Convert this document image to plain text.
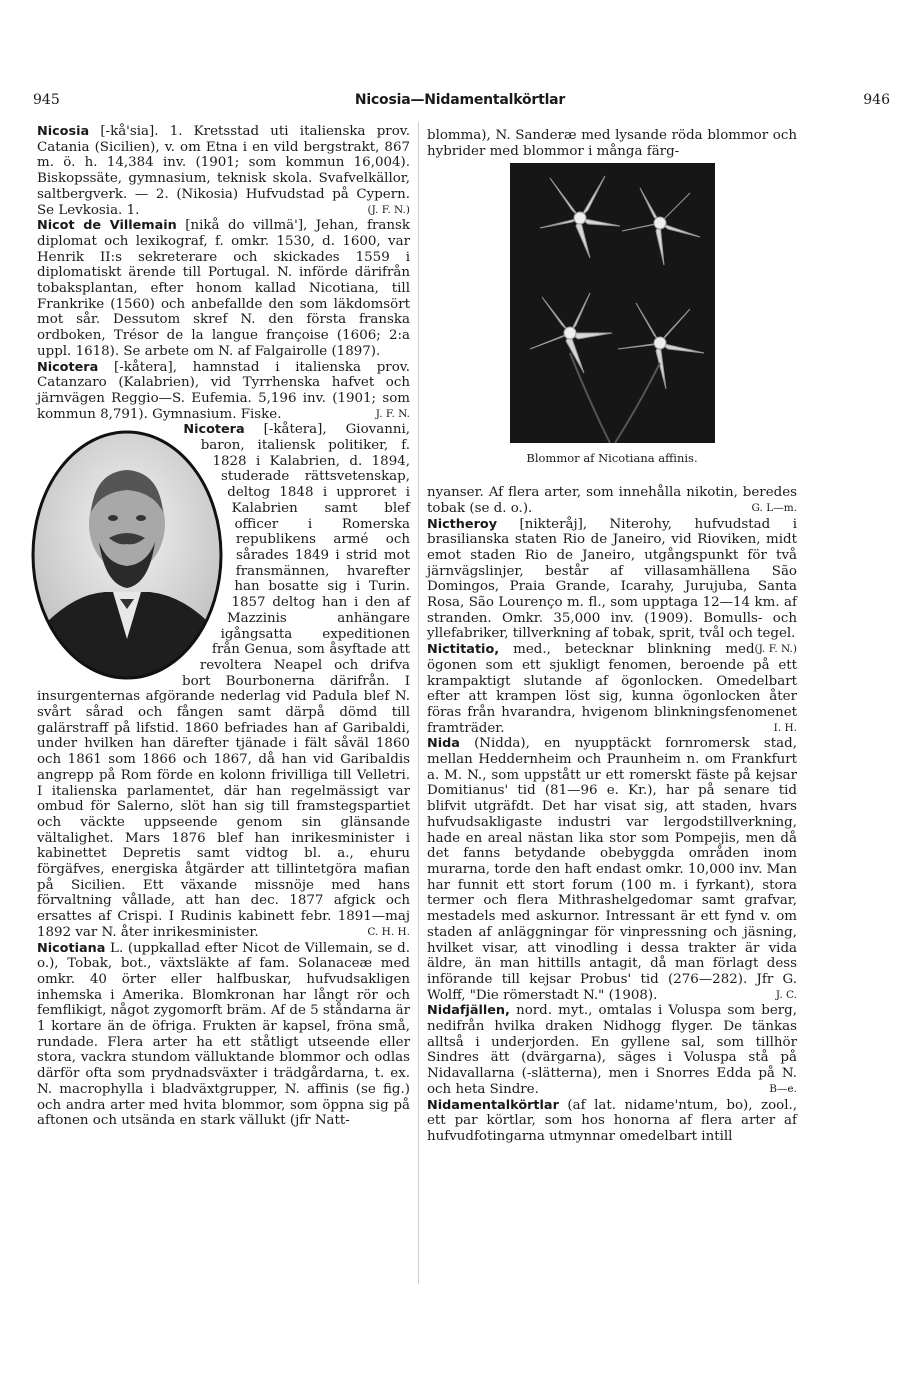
945	Nicosia—Nidamentalkörtlar	946

Nicosia [-kå'sia]. 1. Kretsstad uti italienska prov. Catania (Sicilien), v. om Etna i en vild bergstrakt, 867 m. ö. h. 14,384 inv. (1901; som kommun 16,004). Biskopssäte, gymnasium, teknisk skola. Svafvelkällor, saltbergverk. — 2. (Nikosia) Hufvudstad på Cypern. Se Levkosia. 1.	(J. F. N.)

Nicot de Villemain [nikå do villmä'], Jehan, fransk diplomat och lexikograf, f. omkr. 1530, d. 1600, var Henrik II:s sekreterare och skickades 1559 i diplomatiskt ärende till Portugal. N. införde därifrån tobaksplantan, efter honom kallad Nicotiana, till Frankrike (1560) och anbefallde den som läkdomsört mot sår. Dessutom skref N. den första franska ordboken, Trésor de la langue françoise (1606; 2:a uppl. 1618). Se arbete om N. af Falgairolle (1897).

Nicotera [-kåtera], hamnstad i italienska prov. Catanzaro (Kalabrien), vid Tyrrhenska hafvet och järnvägen Reggio—S. Eufemia. 5,196 inv. (1901; som kommun 8,791). Gymnasium. Fiske.	J. F. N.

Nicotera [-kåtera], Giovanni, baron, italiensk politiker, f. 1828 i Kalabrien, d. 1894, studerade rättsvetenskap, deltog 1848 i upproret i Kalabrien samt blef officer i Romerska republikens armé och sårades 1849 i strid mot fransmännen, hvarefter han bosatte sig i Turin. 1857 deltog han i den af Mazzinis anhängare igångsatta expeditionen från Genua, som åsyftade att revoltera Neapel och drifva bort Bourbonerna därifrån. I insurgenternas afgörande nederlag vid Padula blef N. svårt sårad och fången samt därpå dömd till galärstraff på lifstid. 1860 befriades han af Garibaldi, under hvilken han därefter tjänade i fält såväl 1860 och 1861 som 1866 och 1867, då han vid Garibaldis angrepp på Rom förde en kolonn frivilliga till Velletri. I italienska parlamentet, där han regelmässigt var ombud för Salerno, slöt han sig till framstegspartiet och väckte uppseende genom sin glänsande vältalighet. Mars 1876 blef han inrikesminister i kabinettet Depretis samt vidtog bl. a., ehuru förgäfves, energiska åtgärder att tillintetgöra mafian på Sicilien. Ett växande missnöje med hans förvaltning vållade, att han dec. 1877 afgick och ersattes af Crispi. I Rudinis kabinett febr. 1891—maj 1892 var N. åter inrikesminister.	C. H. H.

Nicotiana L. (uppkallad efter Nicot de Villemain, se d. o.), Tobak, bot., växtsläkte af fam. Solanaceæ med omkr. 40 örter eller halfbuskar, hufvudsakligen inhemska i Amerika. Blomkronan har långt rör och femflikigt, något zygomorft bräm. Af de 5 ståndarna är 1 kortare än de öfriga. Frukten är kapsel, fröna små, rundade. Flera arter ha ett ståtligt utseende eller stora, vackra stundom välluktande blommor och odlas därför ofta som prydnadsväxter i trädgårdarna, t. ex. N. macrophylla i bladväxtgrupper, N. affinis (se fig.) och andra arter med hvita blommor, som öppna sig på aftonen och utsända en stark vällukt (jfr Natt-

blomma), N. Sanderæ med lysande röda blommor och hybrider med blommor i många färg-

Blommor af Nicotiana affinis.

nyanser. Af flera arter, som innehålla nikotin, beredes tobak (se d. o.).	G. L—m.

Nictheroy [nikteråj], Niterohy, hufvudstad i brasilianska staten Rio de Janeiro, vid Rioviken, midt emot staden Rio de Janeiro, utgångspunkt för två järnvägslinjer, består af villasamhällena São Domingos, Praia Grande, Icarahy, Jurujuba, Santa Rosa, São Lourenço m. fl., som upptaga 12—14 km. af stranden. Omkr. 35,000 inv. (1909). Bomulls- och yllefabriker, tillverkning af tobak, sprit, tvål och tegel.
(J. F. N.)

Nictitatio, med., betecknar blinkning med ögonen som ett sjukligt fenomen, beroende på ett krampaktigt slutande af ögonlocken. Omedelbart efter att krampen löst sig, kunna ögonlocken åter föras från hvarandra, hvigenom blinkningsfenomenet framträder.	I. H.

Nida (Nidda), en nyupptäckt fornromersk stad, mellan Heddernheim och Praunheim n. om Frankfurt a. M. N., som uppstått ur ett romerskt fäste på kejsar Domitianus' tid (81—96 e. Kr.), har på senare tid blifvit utgräfdt. Det har visat sig, att staden, hvars hufvudsakligaste industri var lergodstillverkning, hade en areal nästan lika stor som Pompejis, men då det fanns betydande obebyggda områden inom murarna, torde den haft endast omkr. 10,000 inv. Man har funnit ett stort forum (100 m. i fyrkant), stora termer och flera Mithrashelgedomar samt grafvar, mestadels med askurnor. Intressant är ett fynd v. om staden af anläggningar för vinpressning och jäsning, hvilket visar, att vinodling i dessa trakter är vida äldre, än man hittills antagit, då man förlagt dess införande till kejsar Probus' tid (276—282). Jfr G. Wolff, "Die römerstadt N." (1908).	J. C.

Nidafjällen, nord. myt., omtalas i Voluspa som berg, nedifrån hvilka draken Nidhogg flyger. De tänkas alltså i underjorden. En gyllene sal, som tillhör Sindres ätt (dvärgarna), säges i Voluspa stå på Nidavallarna (-slätterna), men i Snorres Edda på N. och heta Sindre.	B—e.

Nidamentalkörtlar (af lat. nidame'ntum, bo), zool., ett par körtlar, som hos honorna af flera arter af hufvudfotingarna utmynnar omedelbart intill
